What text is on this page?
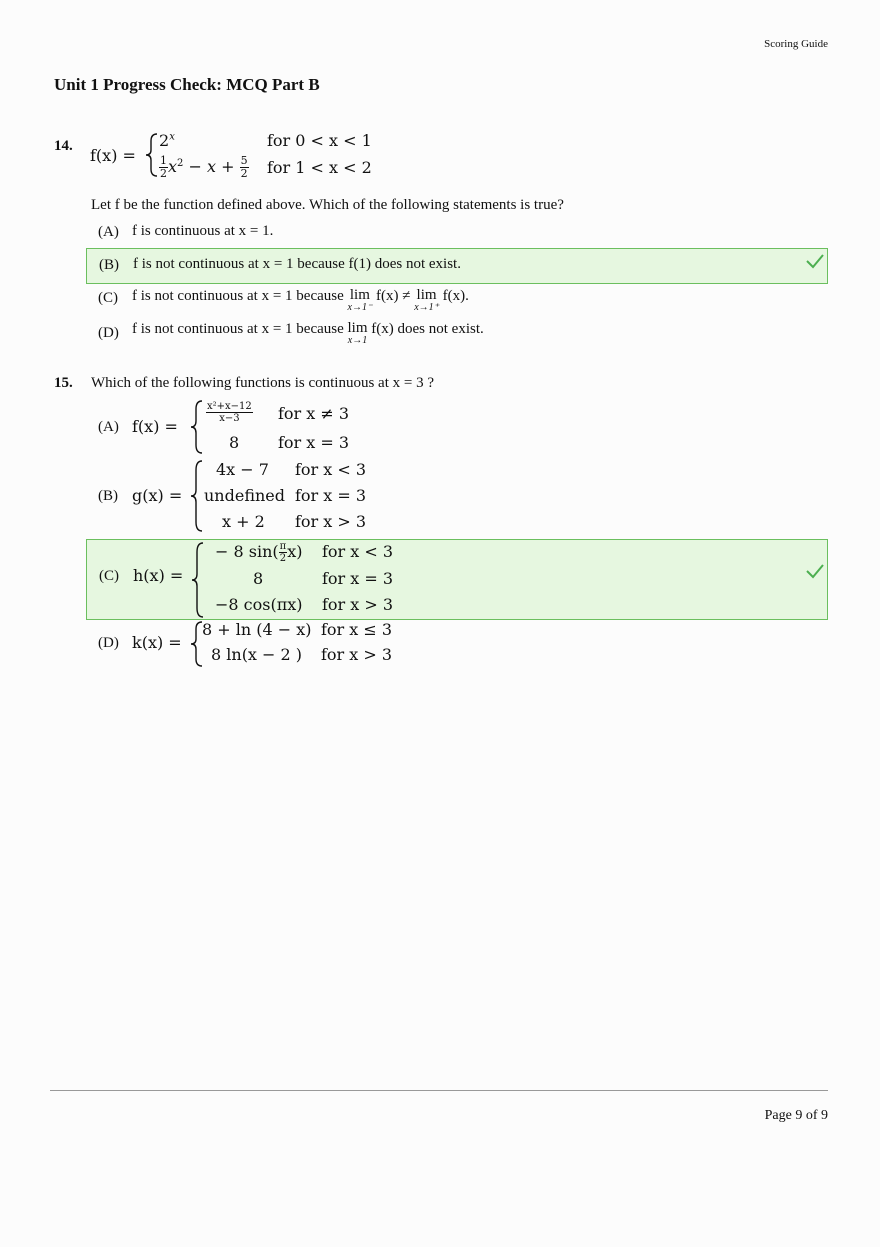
Scoring Guide
Unit 1 Progress Check: MCQ Part B
14. f(x) =
$2^x$	for 0 < x < 1
$\frac{1}{2} x^2 - x + \frac{5}{2}$ for 1 < x < 2
Let f be the function defined above. Which of the following statements is true?
(A) f is continuous at x = 1.
(B) f is not continuous at x = 1 because f(1) does not exist.
(C) f is not continuous at x = 1 because lim
x→1⁻
f(x) ≠ lim
x→1⁺
f(x).
(D) f is not continuous at x = 1 because lim
x→1
f(x) does not exist.
15. Which of the following functions is continuous at x = 3 ?
(A) f(x) =
$\frac{\text{x²+x−12}}{x-3}$ for x ≠ 3
8 for x = 3
(B) g(x) =
4x − 7 for x < 3
undefined for x = 3
x + 2 for x > 3
(C) h(x) =
− 8 $\sin( \frac{\pi}{2} x)$ for x < 3
8	for x = 3
−8 cos(πx) for x > 3
(D) k(x) =
8 + ln (4 − x) for x ≤ 3
8 ln(x − 2 ) for x > 3
Page 9 of 9
